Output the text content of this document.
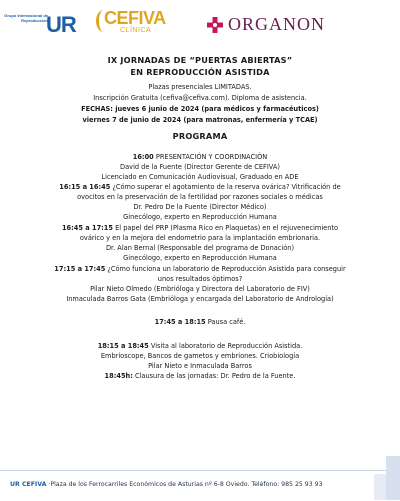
Grupo Internacional de Reproducción
UR CEFIVA
CLÍNICA	ORGANON
IX JORNADAS DE “PUERTAS ABIERTAS”
EN REPRODUCCIÓN ASISTIDA
Plazas presenciales LIMITADAS.
Inscripción Gratuita (cefiva@cefiva.com). Diploma de asistencia.
FECHAS: jueves 6 junio de 2024 (para médicos y farmacéuticos)
viernes 7 de junio de 2024 (para matronas, enfermería y TCAE)
PROGRAMA
16:00 PRESENTACIÓN Y COORDINACIÓN
David de la Fuente (Director Gerente de CEFIVA)
Licenciado en Comunicación Audiovisual, Graduado en ADE
16:15 a 16:45 ¿Cómo superar el agotamiento de la reserva ovárica? Vitrificación de
ovocitos en la preservación de la fertilidad por razones sociales o médicas
Dr. Pedro De la Fuente (Director Médico)
Ginecólogo, experto en Reproducción Humana
16:45 a 17:15 El papel del PRP (Plasma Rico en Plaquetas) en el rejuvenecimiento
ovárico y en la mejora del endometrio para la implantación embrionaria.
Dr. Alan Bernal (Responsable del programa de Donación)
Ginecólogo, experto en Reproducción Humana
17:15 a 17:45 ¿Cómo funciona un laboratorio de Reproducción Asistida para conseguir
unos resultados óptimos?
Pilar Nieto Olmedo (Embrióloga y Directora del Laboratorio de FIV)
Inmaculada Barros Gata (Embrióloga y encargada del Laboratorio de Andrología)
17:45 a 18:15 Pausa café.
18:15 a 18:45 Visita al laboratorio de Reproducción Asistida.
Embrioscope, Bancos de gametos y embriones. Criobiología
Pilar Nieto e Inmaculada Barros
18:45h: Clausura de las jornadas: Dr. Pedro de la Fuente.
UR CEFIVA ·Plaza de los Ferrocarriles Económicos de Asturias nº 6-8 Oviedo. Teléfono: 985 25 93 93
